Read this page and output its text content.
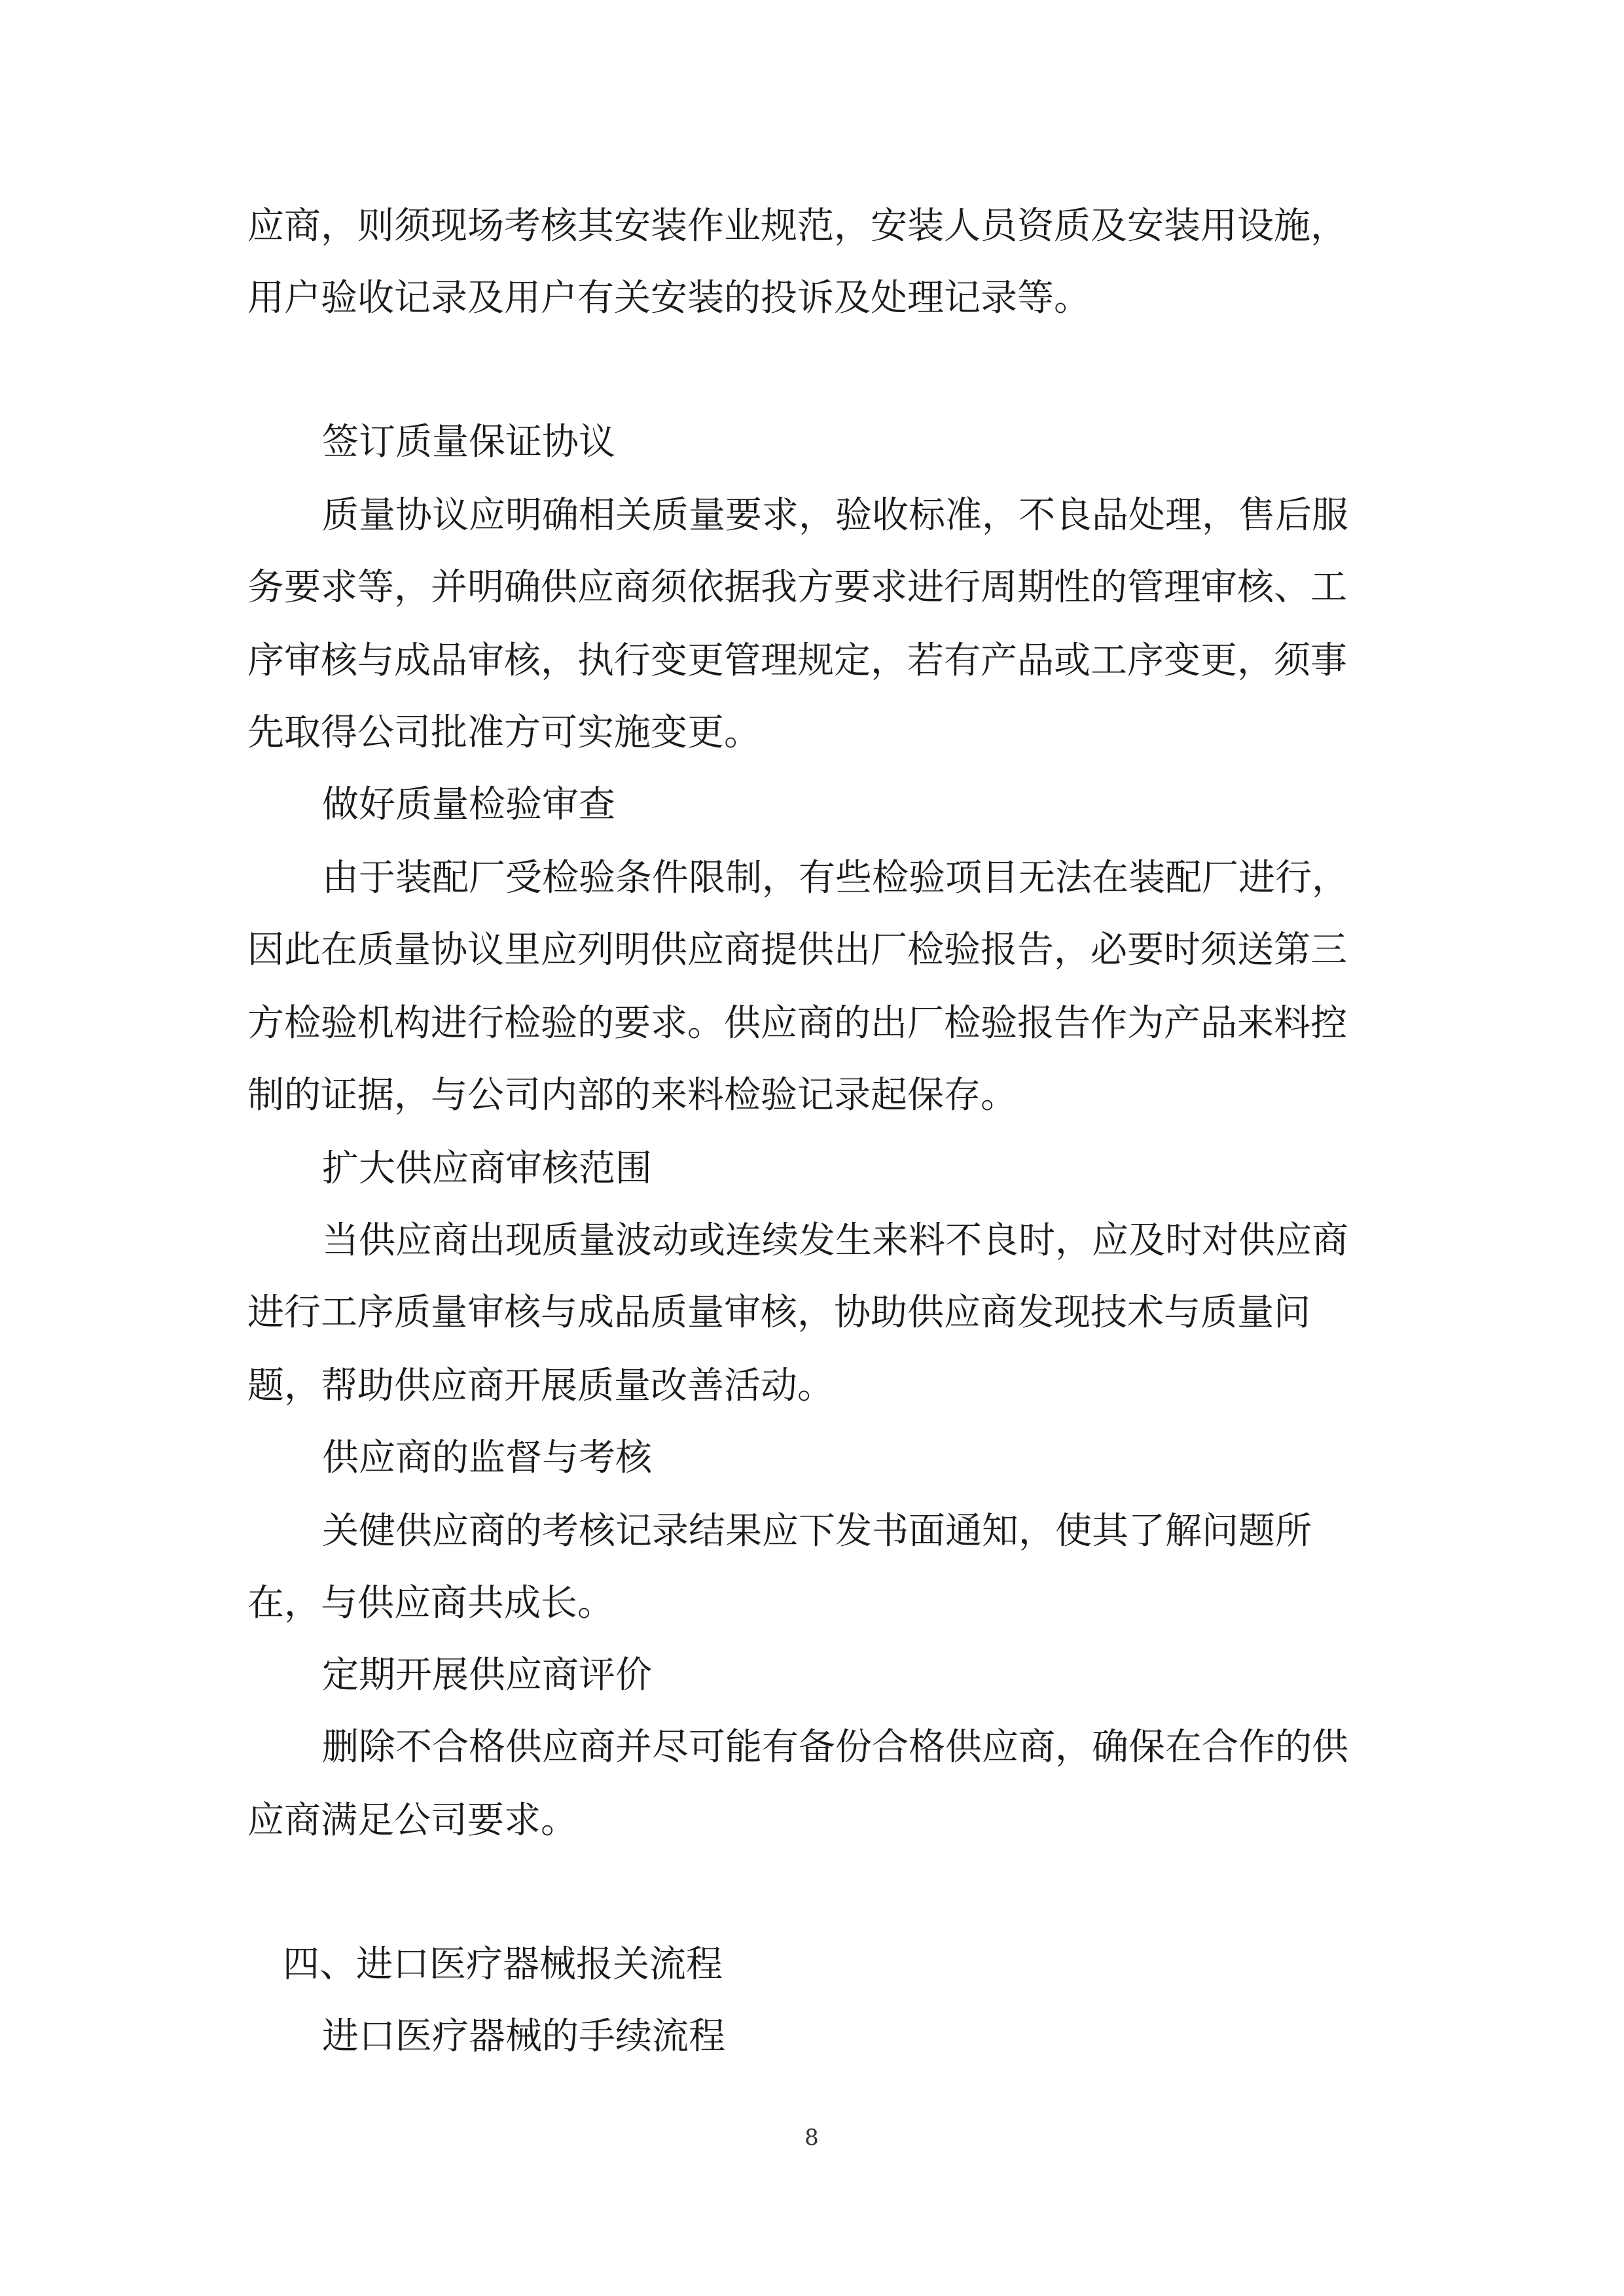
应商，则须现场考核其安装作业规范，安装人员资质及安装用设施，

用户验收记录及用户有关安装的投诉及处理记录等。

签订质量保证协议

质量协议应明确相关质量要求，验收标准，不良品处理，售后服

务要求等，并明确供应商须依据我方要求进行周期性的管理审核、工

序审核与成品审核，执行变更管理规定，若有产品或工序变更，须事

先取得公司批准方可实施变更。

做好质量检验审查

由于装配厂受检验条件限制，有些检验项目无法在装配厂进行，

因此在质量协议里应列明供应商提供出厂检验报告，必要时须送第三

方检验机构进行检验的要求。供应商的出厂检验报告作为产品来料控

制的证据，与公司内部的来料检验记录起保存。

扩大供应商审核范围

当供应商出现质量波动或连续发生来料不良时，应及时对供应商

进行工序质量审核与成品质量审核，协助供应商发现技术与质量问

题，帮助供应商开展质量改善活动。

供应商的监督与考核

关健供应商的考核记录结果应下发书面通知，使其了解问题所

在，与供应商共成长。

定期开展供应商评价

删除不合格供应商并尽可能有备份合格供应商，确保在合作的供

应商满足公司要求。

四、进口医疗器械报关流程

进口医疗器械的手续流程

8
